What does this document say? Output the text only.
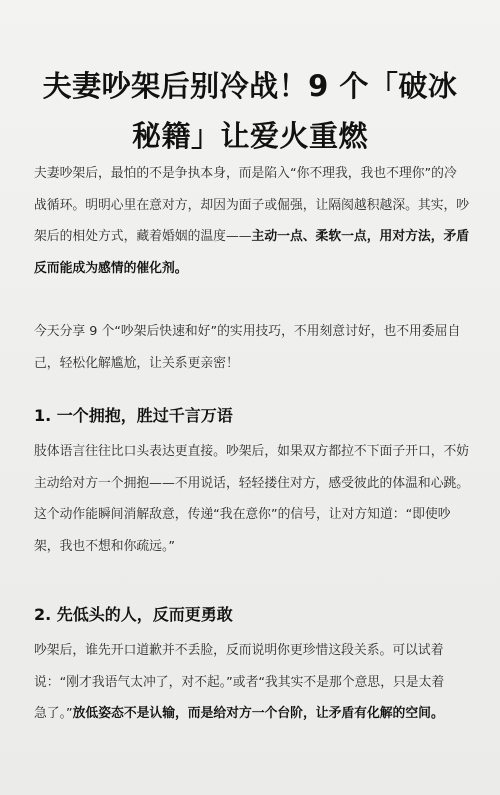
夫妻吵架后别冷战！9 个「破冰
秘籍」让爱火重燃

夫妻吵架后，最怕的不是争执本身，而是陷入“你不理我，我也不理你”的冷
战循环。明明心里在意对方，却因为面子或倔强，让隔阂越积越深。其实，吵
架后的相处方式，藏着婚姻的温度——主动一点、柔软一点，用对方法，矛盾
反而能成为感情的催化剂。

今天分享 9 个“吵架后快速和好”的实用技巧，不用刻意讨好，也不用委屈自
己，轻松化解尴尬，让关系更亲密！

1. 一个拥抱，胜过千言万语

肢体语言往往比口头表达更直接。吵架后，如果双方都拉不下面子开口，不妨
主动给对方一个拥抱——不用说话，轻轻搂住对方，感受彼此的体温和心跳。
这个动作能瞬间消解敌意，传递“我在意你”的信号，让对方知道：“即使吵
架，我也不想和你疏远。”

2. 先低头的人，反而更勇敢

吵架后，谁先开口道歉并不丢脸，反而说明你更珍惜这段关系。可以试着
说：“刚才我语气太冲了，对不起。”或者“我其实不是那个意思，只是太着
急了。”放低姿态不是认输，而是给对方一个台阶，让矛盾有化解的空间。
